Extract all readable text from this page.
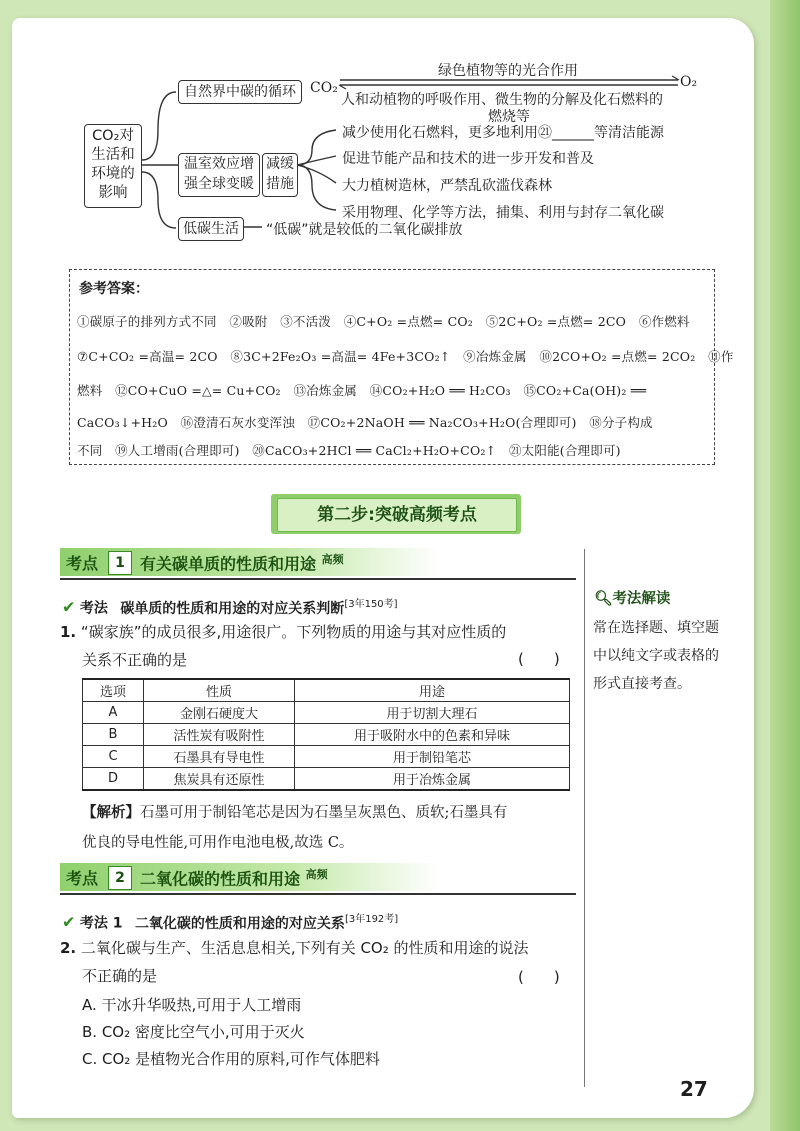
CO₂对生活和环境的影响
自然界中碳的循环	CO₂	O₂
绿色植物等的光合作用
人和动植物的呼吸作用、微生物的分解及化石燃料的
燃烧等
温室效应增强全球变暖
减缓措施
减少使用化石燃料，更多地利用㉑______等清洁能源
促进节能产品和技术的进一步开发和普及
大力植树造林，严禁乱砍滥伐森林
采用物理、化学等方法，捕集、利用与封存二氧化碳
低碳生活	“低碳”就是较低的二氧化碳排放
参考答案：
①碳原子的排列方式不同　②吸附　③不活泼　④C+O₂ =点燃= CO₂　⑤2C+O₂ =点燃= 2CO　⑥作燃料
⑦C+CO₂ =高温= 2CO　⑧3C+2Fe₂O₃ =高温= 4Fe+3CO₂↑　⑨冶炼金属　⑩2CO+O₂ =点燃= 2CO₂　⑪作
燃料　⑫CO+CuO =△= Cu+CO₂　⑬冶炼金属　⑭CO₂+H₂O ══ H₂CO₃　⑮CO₂+Ca(OH)₂ ══
CaCO₃↓+H₂O　⑯澄清石灰水变浑浊　⑰CO₂+2NaOH ══ Na₂CO₃+H₂O(合理即可)　⑱分子构成
不同　⑲人工增雨(合理即可)　⑳CaCO₃+2HCl ══ CaCl₂+H₂O+CO₂↑　㉑太阳能(合理即可)
第二步:突破高频考点
考点	1 有关碳单质的性质和用途 $^{高频}$
✔ 考法 碳单质的性质和用途的对应关系判断[3年150考]	🔍︎考法解读
常在选择题、填空题中以纯文字或表格的形式直接考查。
1. “碳家族”的成员很多,用途很广。下列物质的用途与其对应性质的
关系不正确的是	(　　)
选项	性质	用途
A	金刚石硬度大	用于切割大理石
B	活性炭有吸附性	用于吸附水中的色素和异味
C	石墨具有导电性	用于制铅笔芯
D	焦炭具有还原性	用于冶炼金属
【解析】石墨可用于制铅笔芯是因为石墨呈灰黑色、质软;石墨具有
优良的导电性能,可用作电池电极,故选 C。
考点	2 二氧化碳的性质和用途 $^{高频}$
✔ 考法 1 二氧化碳的性质和用途的对应关系[3年192考]
2. 二氧化碳与生产、生活息息相关,下列有关 CO₂ 的性质和用途的说法
不正确的是	(　　)
A. 干冰升华吸热,可用于人工增雨
B. CO₂ 密度比空气小,可用于灭火
C. CO₂ 是植物光合作用的原料,可作气体肥料
27
